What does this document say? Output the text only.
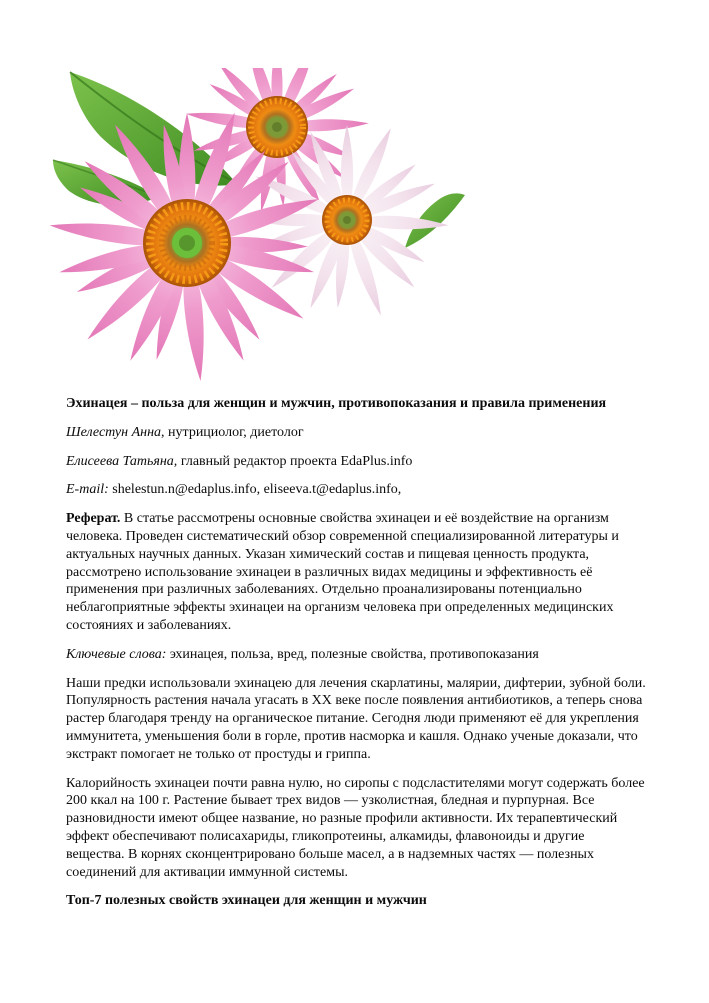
Эхинацея – польза для женщин и мужчин, противопоказания и правила применения

Шелестун Анна, нутрициолог, диетолог

Елисеева Татьяна, главный редактор проекта EdaPlus.info

E-mail: shelestun.n@edaplus.info, eliseeva.t@edaplus.info,

Реферат. В статье рассмотрены основные свойства эхинацеи и её воздействие на организм человека. Проведен систематический обзор современной специализированной литературы и актуальных научных данных. Указан химический состав и пищевая ценность продукта, рассмотрено использование эхинацеи в различных видах медицины и эффективность её применения при различных заболеваниях. Отдельно проанализированы потенциально неблагоприятные эффекты эхинацеи на организм человека при определенных медицинских состояниях и заболеваниях.

Ключевые слова: эхинацея, польза, вред, полезные свойства, противопоказания

Наши предки использовали эхинацею для лечения скарлатины, малярии, дифтерии, зубной боли. Популярность растения начала угасать в XX веке после появления антибиотиков, а теперь снова растер благодаря тренду на органическое питание. Сегодня люди применяют её для укрепления иммунитета, уменьшения боли в горле, против насморка и кашля. Однако ученые доказали, что экстракт помогает не только от простуды и гриппа.

Калорийность эхинацеи почти равна нулю, но сиропы с подсластителями могут содержать более 200 ккал на 100 г. Растение бывает трех видов — узколистная, бледная и пурпурная. Все разновидности имеют общее название, но разные профили активности. Их терапевтический эффект обеспечивают полисахариды, гликопротеины, алкамиды, флавоноиды и другие вещества. В корнях сконцентрировано больше масел, а в надземных частях — полезных соединений для активации иммунной системы.

Топ-7 полезных свойств эхинацеи для женщин и мужчин
